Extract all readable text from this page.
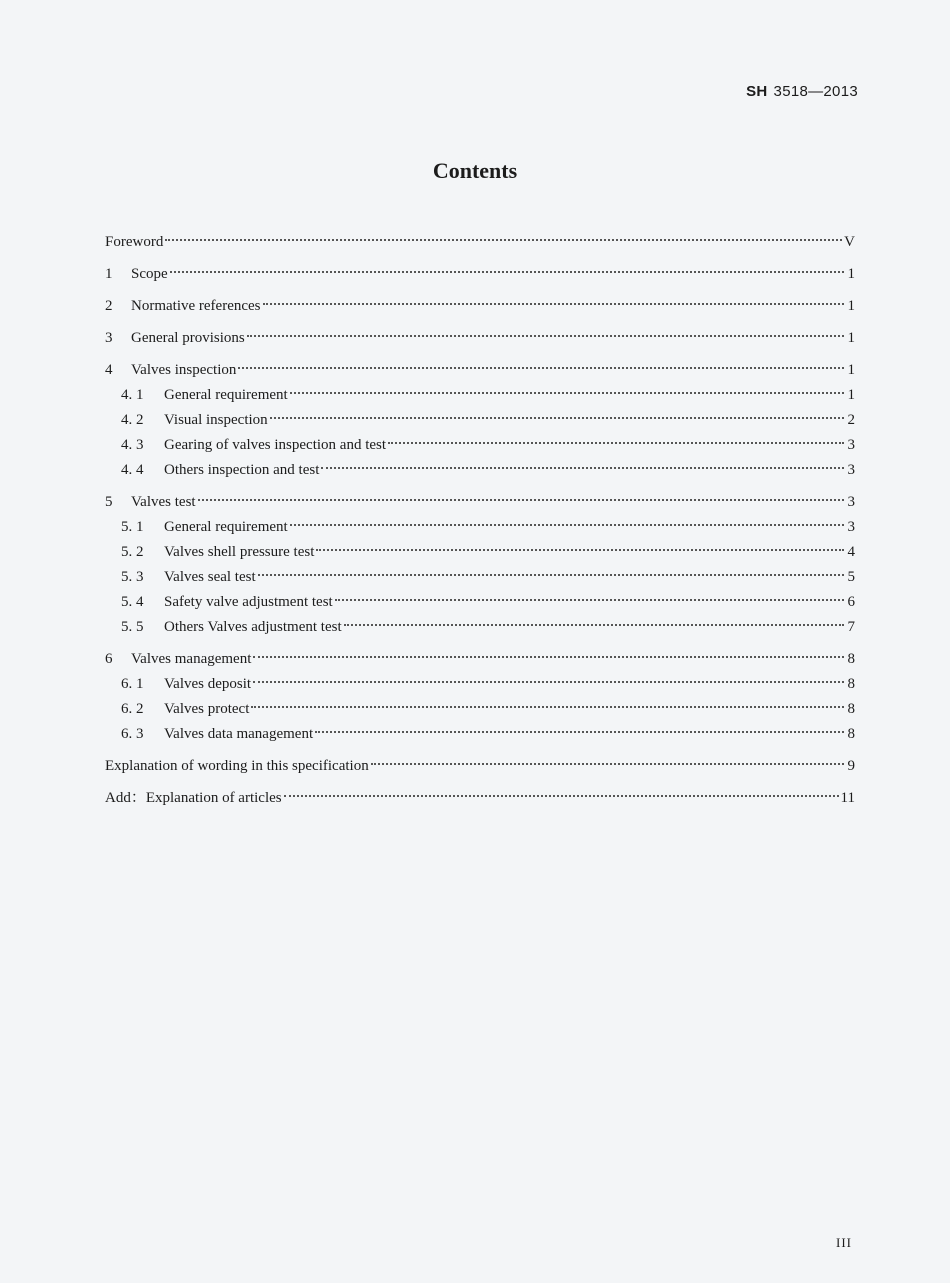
SH 3518—2013
Contents
Foreword	V
1	Scope	1
2	Normative references	1
3	General provisions	1
4	Valves inspection	1
4. 1	General requirement	1
4. 2	Visual inspection	2
4. 3	Gearing of valves inspection and test	3
4. 4	Others inspection and test	3
5	Valves test	3
5. 1	General requirement	3
5. 2	Valves shell pressure test	4
5. 3	Valves seal test	5
5. 4	Safety valve adjustment test	6
5. 5	Others Valves adjustment test	7
6	Valves management	8
6. 1	Valves deposit	8
6. 2	Valves protect	8
6. 3	Valves data management	8
Explanation of wording in this specification	9
Add：Explanation of articles	11
III
